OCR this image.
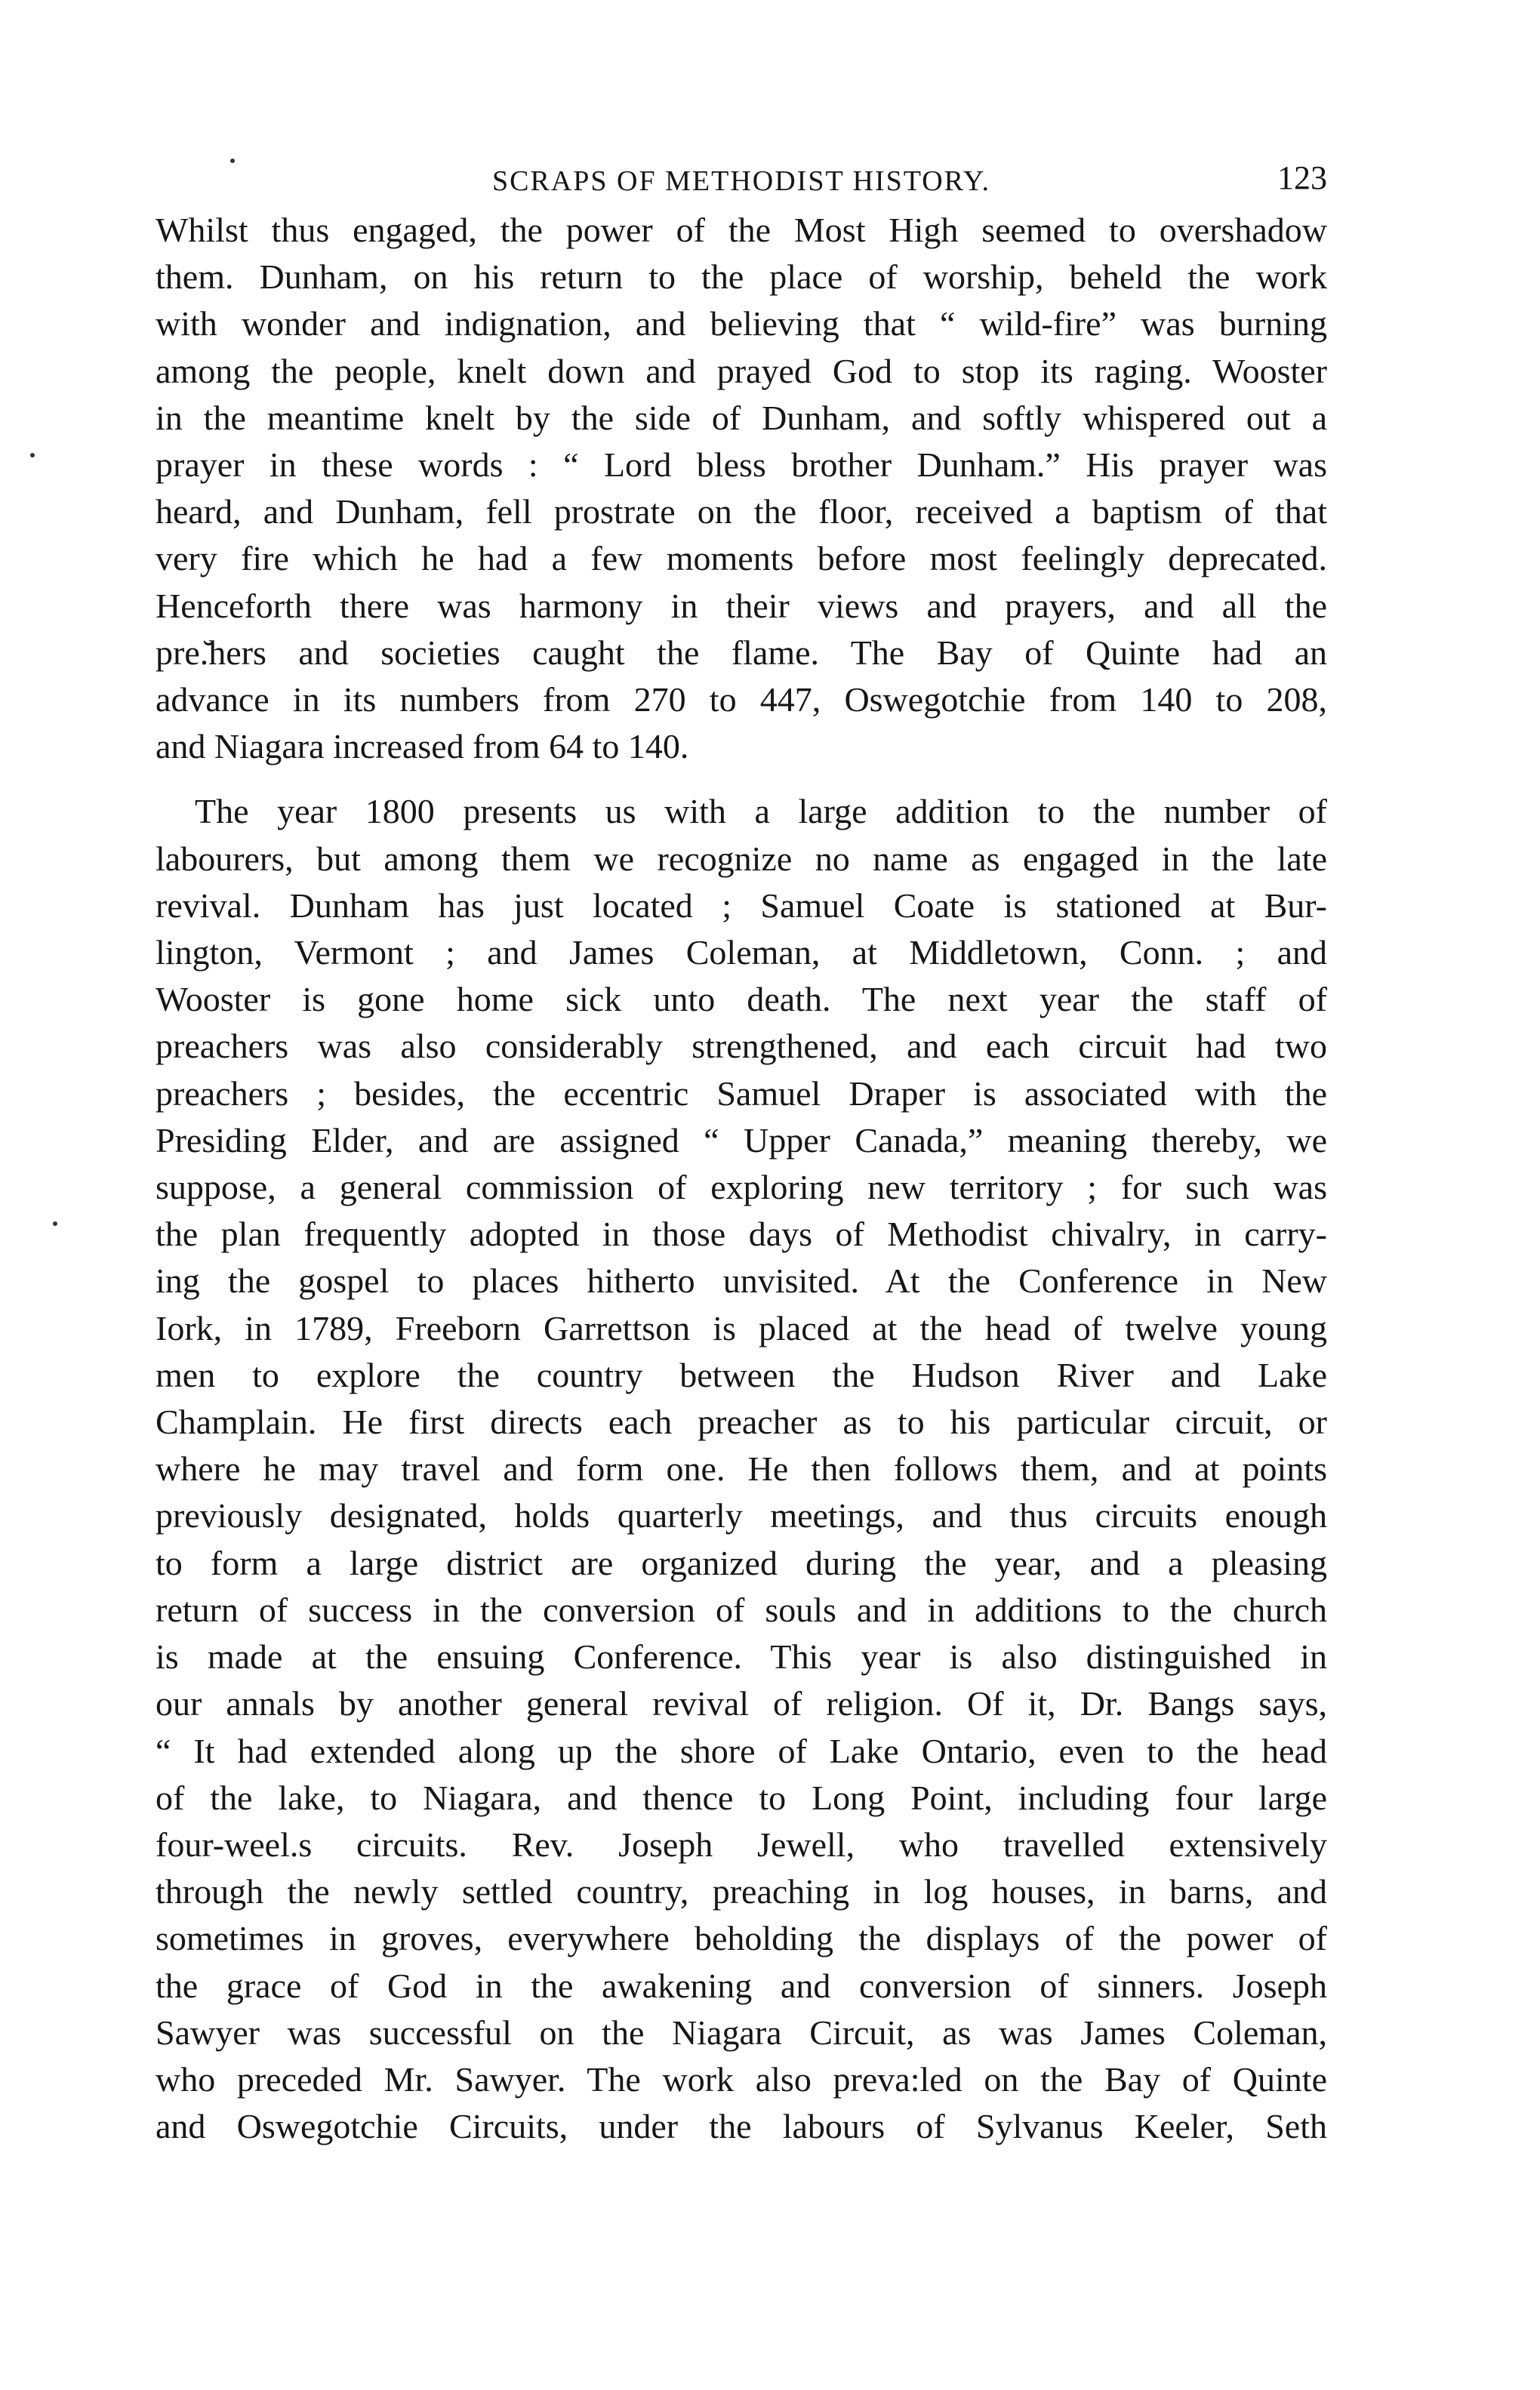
SCRAPS OF METHODIST HISTORY.	123

Whilst thus engaged, the power of the Most High seemed to overshadow
them. Dunham, on his return to the place of worship, beheld the work
with wonder and indignation, and believing that “ wild-fire” was burning
among the people, knelt down and prayed God to stop its raging. Wooster
in the meantime knelt by the side of Dunham, and softly whispered out a
prayer in these words : “ Lord bless brother Dunham.” His prayer was
heard, and Dunham, fell prostrate on the floor, received a baptism of that
very fire which he had a few moments before most feelingly deprecated.
Henceforth there was harmony in their views and prayers, and all the
pre.̆hers and societies caught the flame. The Bay of Quinte had an
advance in its numbers from 270 to 447, Oswegotchie from 140 to 208,
and Niagara increased from 64 to 140.

The year 1800 presents us with a large addition to the number of
labourers, but among them we recognize no name as engaged in the late
revival. Dunham has just located ; Samuel Coate is stationed at Bur-
lington, Vermont ; and James Coleman, at Middletown, Conn. ; and
Wooster is gone home sick unto death. The next year the staff of
preachers was also considerably strengthened, and each circuit had two
preachers ; besides, the eccentric Samuel Draper is associated with the
Presiding Elder, and are assigned “ Upper Canada,” meaning thereby, we
suppose, a general commission of exploring new territory ; for such was
the plan frequently adopted in those days of Methodist chivalry, in carry-
ing the gospel to places hitherto unvisited. At the Conference in New
Ιork, in 1789, Freeborn Garrettson is placed at the head of twelve young
men to explore the country between the Hudson River and Lake
Champlain. He first directs each preacher as to his particular circuit, or
where he may travel and form one. He then follows them, and at points
previously designated, holds quarterly meetings, and thus circuits enough
to form a large district are organized during the year, and a pleasing
return of success in the conversion of souls and in additions to the church
is made at the ensuing Conference. This year is also distinguished in
our annals by another general revival of religion. Of it, Dr. Bangs says,
“ It had extended along up the shore of Lake Ontario, even to the head
of the lake, to Niagara, and thence to Long Point, including four large
four-weel.s circuits. Rev. Joseph Jewell, who travelled extensively
through the newly settled country, preaching in log houses, in barns, and
sometimes in groves, everywhere beholding the displays of the power of
the grace of God in the awakening and conversion of sinners. Joseph
Sawyer was successful on the Niagara Circuit, as was James Coleman,
who preceded Mr. Sawyer. The work also preva:led on the Bay of Quinte
and Oswegotchie Circuits, under the labours of Sylvanus Keeler, Seth
